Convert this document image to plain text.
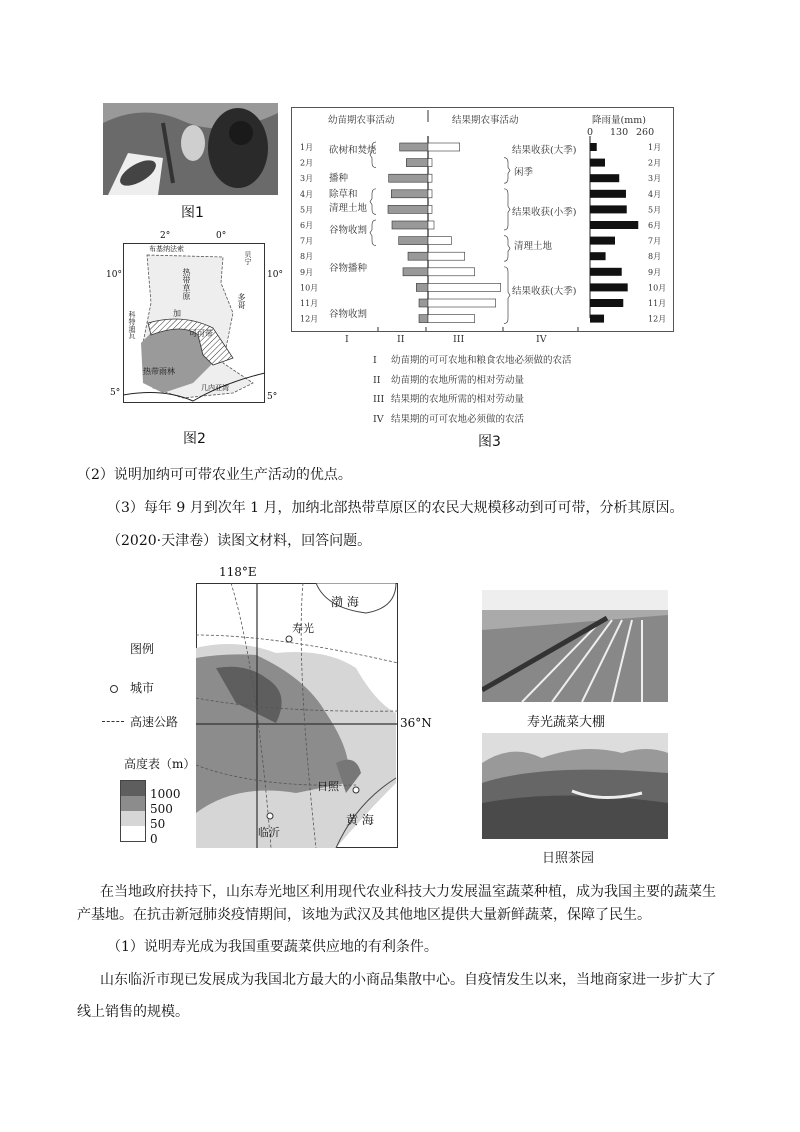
图1
布基纳法索
贝宁
热带草原
加
多哥
科特迪瓦	可可带
热带雨林
几内亚湾
2°	0°
10°	10°
5°	5°
图2
1月	1月
2月	2月
3月	3月
4月	4月
5月	5月
6月	6月
7月	7月
8月	8月
9月	9月
10月	10月
11月	11月
12月	12月
幼苗期农事活动	结果期农事活动	降雨量(mm)
0 130 260
砍树和焚烧
播种
除草和
清理土地
谷物收割
谷物播种
谷物收割
结果收获(大季)
闲季
结果收获(小季)
清理土地
结果收获(大季)
I	II	III	IV
I 幼苗期的可可农地和粮食农地必须做的农活
II 幼苗期的农地所需的相对劳动量
III 结果期的农地所需的相对劳动量
IV 结果期的可可农地必须做的农活
图3
（2）说明加纳可可带农业生产活动的优点。
（3）每年 9 月到次年 1 月，加纳北部热带草原区的农民大规模移动到可可带，分析其原因。
（2020·天津卷）读图文材料，回答问题。
118°E
渤 海
寿光
日照
黄 海
临沂
36°N
图例
城市
高速公路
高度表（m）
1000
500
50
0
寿光蔬菜大棚
日照茶园
在当地政府扶持下，山东寿光地区利用现代农业科技大力发展温室蔬菜种植，成为我国主要的蔬菜生
产基地。在抗击新冠肺炎疫情期间，该地为武汉及其他地区提供大量新鲜蔬菜，保障了民生。
（1）说明寿光成为我国重要蔬菜供应地的有利条件。
山东临沂市现已发展成为我国北方最大的小商品集散中心。自疫情发生以来，当地商家进一步扩大了
线上销售的规模。
